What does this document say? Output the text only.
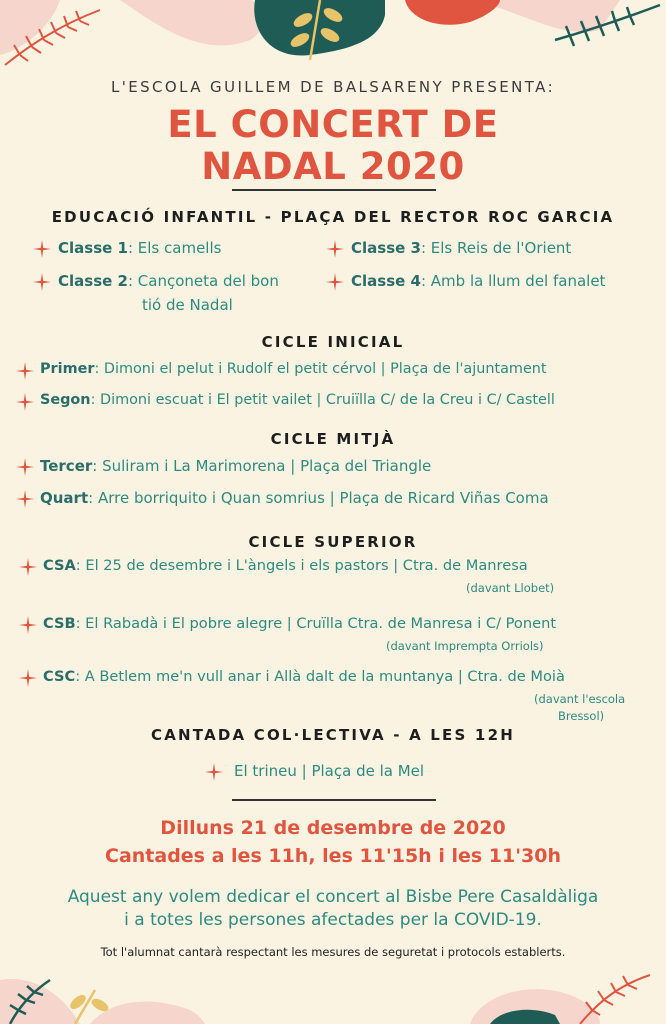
L'ESCOLA GUILLEM DE BALSARENY PRESENTA:
EL CONCERT DE
NADAL 2020
EDUCACIÓ INFANTIL - PLAÇA DEL RECTOR ROC GARCIA
Classe 1: Els camells	Classe 3: Els Reis de l'Orient
Classe 2: Cançoneta del bon
tió de Nadal
Classe 4: Amb la llum del fanalet
CICLE INICIAL
Primer: Dimoni el pelut i Rudolf el petit cérvol | Plaça de l'ajuntament
Segon: Dimoni escuat i El petit vailet | Cruiïlla C/ de la Creu i C/ Castell
CICLE MITJÀ
Tercer: Suliram i La Marimorena | Plaça del Triangle
Quart: Arre borriquito i Quan somrius | Plaça de Ricard Viñas Coma
CICLE SUPERIOR
CSA: El 25 de desembre i L'àngels i els pastors | Ctra. de Manresa
(davant Llobet)
CSB: El Rabadà i El pobre alegre | Cruïlla Ctra. de Manresa i C/ Ponent
(davant Imprempta Orriols)
CSC: A Betlem me'n vull anar i Allà dalt de la muntanya | Ctra. de Moià
(davant l'escola
Bressol)
CANTADA COL·LECTIVA - A LES 12H
El trineu | Plaça de la Mel
Dilluns 21 de desembre de 2020
Cantades a les 11h, les 11'15h i les 11'30h
Aquest any volem dedicar el concert al Bisbe Pere Casaldàliga
i a totes les persones afectades per la COVID-19.
Tot l'alumnat cantarà respectant les mesures de seguretat i protocols establerts.
